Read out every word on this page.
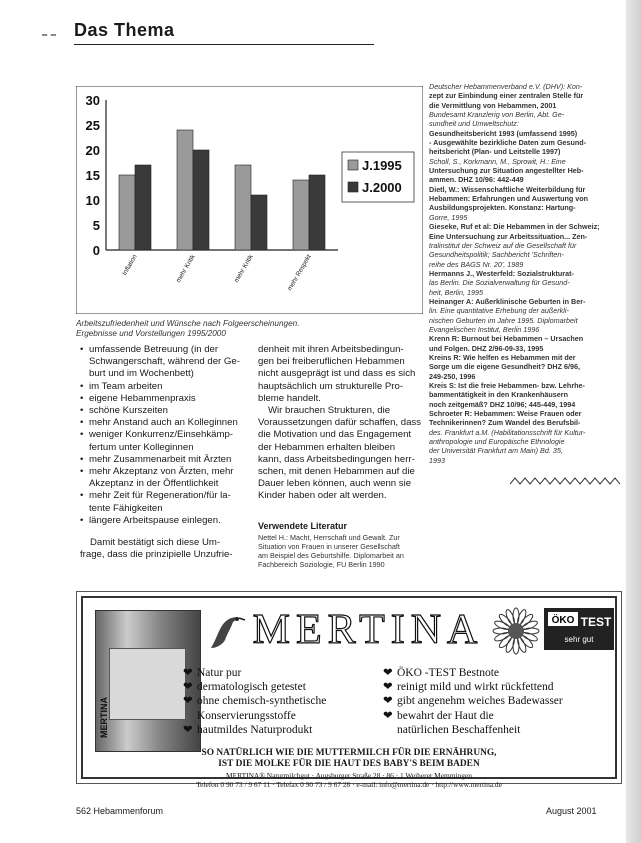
Das Thema
0
5
10
15
20
25
30
Inflation	mehr Kritik	mehr Kritik	mehr Respekt
J.1995
J.2000
Arbeitszufriedenheit und Wünsche nach Folgeerscheinungen.
Ergebnisse und Vorstellungen 1995/2000

Deutscher Hebammenverband e.V. (DHV): Kon-

zept zur Einbindung einer zentralen Stelle für

die Vermittlung von Hebammen, 2001

Bundesamt Kranzlerig von Berlin, Abt. Ge-

sundheit und Umweltschutz:

Gesundheitsbericht 1993 (umfassend 1995)

- Ausgewählte bezirkliche Daten zum Gesund-

heitsbericht (Plan- und Leitstelle 1997)

Scholl, S., Korkmann, M., Sprowit, H.: Eine

Untersuchung zur Situation angestellter Heb-

ammen. DHZ 10/96: 442-449

Dietl, W.: Wissenschaftliche Weiterbildung für

Hebammen: Erfahrungen und Auswertung von

Ausbildungsprojekten. Konstanz: Hartung-

Gorre, 1995

Gieseke, Ruf et al: Die Hebammen in der Schweiz;

Eine Untersuchung zur Arbeitssituation... Zen-

tralinstitut der Schweiz auf die Gesellschaft für

Gesundheitspolitik; Sachbericht 'Schriften-

reihe des BAGS Nr. 20', 1989

Hermanns J., Westerfeld: Sozialstrukturat-

las Berlin. Die Sozialverwaltung für Gesund-

heit, Berlin, 1995

Heinanger A: Außerklinische Geburten in Ber-

lin. Eine quantitative Erhebung der außerkli-

nischen Geburten im Jahre 1995. Diplomarbeit

Evangelischen Institut, Berlin 1996

Krenn R: Burnout bei Hebammen – Ursachen

und Folgen. DHZ 2/96-09-33, 1995

Kreins R: Wie helfen es Hebammen mit der

Sorge um die eigene Gesundheit? DHZ 6/96,

249-250, 1996

Kreis S: Ist die freie Hebammen- bzw. Lehrhe-

bammentätigkeit in den Krankenhäusern

noch zeitgemäß? DHZ 10/96; 445-449, 1994

Schroeter R: Hebammen: Weise Frauen oder

Technikerinnen? Zum Wandel des Berufsbil-

des. Frankfurt a.M. (Habilitationsschrift für Kultur-

anthropologie und Europäische Ethnologie

der Universität Frankfurt am Main) Bd. 35,

1993

• umfassende Betreuung (in der
Schwangerschaft, während der Ge-
burt und im Wochenbett)
• im Team arbeiten
• eigene Hebammenpraxis
• schöne Kurszeiten
• mehr Anstand auch an Kolleginnen
• weniger Konkurrenz/Einsehkämp-
fertum unter Kolleginnen
• mehr Zusammenarbeit mit Ärzten
• mehr Akzeptanz von Ärzten, mehr
Akzeptanz in der Öffentlichkeit
• mehr Zeit für Regeneration/für la-
tente Fähigkeiten
• längere Arbeitspause einlegen.
Damit bestätigt sich diese Um-
frage, dass die prinzipielle Unzufrie-
denheit mit ihren Arbeitsbedingun-
gen bei freiberuflichen Hebammen
nicht ausgeprägt ist und dass es sich
hauptsächlich um strukturelle Pro-
bleme handelt.
Wir brauchen Strukturen, die
Voraussetzungen dafür schaffen, dass
die Motivation und das Engagement
der Hebammen erhalten bleiben
kann, dass Arbeitsbedingungen herr-
schen, mit denen Hebammen auf die
Dauer leben können, auch wenn sie
Kinder haben oder alt werden.
Verwendete Literatur
Nettel H.: Macht, Herrschaft und Gewalt. Zur
Situation von Frauen in unserer Gesellschaft
am Beispiel des Geburtshilfe. Diplomarbeit an
Fachbereich Soziologie, FU Berlin 1990
MERTINA
MERTINA	ÖKO TEST
sehr gut
❤ Natur pur
❤ dermatologisch getestet
❤ ohne chemisch-synthetische
Konservierungsstoffe
❤ hautmildes Naturprodukt
❤ ÖKO -TEST Bestnote
❤ reinigt mild und wirkt rückfettend
❤ gibt angenehm weiches Badewasser
❤ bewahrt der Haut die
natürlichen Beschaffenheit
SO NATÜRLICH WIE DIE MUTTERMILCH FÜR DIE ERNÄHRUNG,
IST DIE MOLKE FÜR DIE HAUT DES BABY'S BEIM BADEN
MERTINA® Naturmilchgut · Augsburger Straße 28 · 86 · 1 Weiherer Memmingen
Telefon 0 90 73 / 9 67 11 · Telefax 0 90 73 / 9 67 28 · e-mail: info@mertina.de · http://www.mertina.de
562 Hebammenforum	August 2001
